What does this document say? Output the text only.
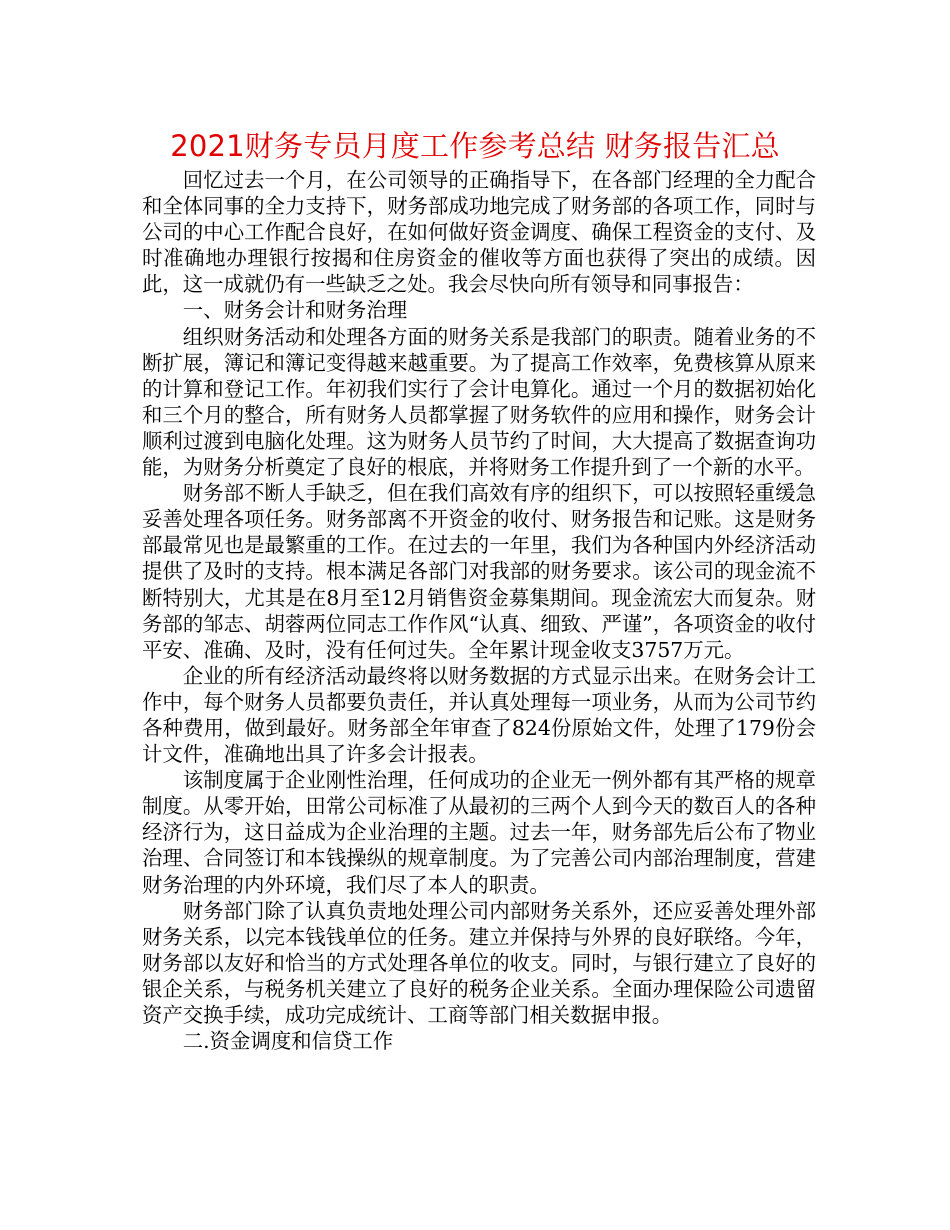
2021财务专员月度工作参考总结 财务报告汇总

回忆过去一个月，在公司领导的正确指导下，在各部门经理的全力配合和全体同事的全力支持下，财务部成功地完成了财务部的各项工作，同时与公司的中心工作配合良好，在如何做好资金调度、确保工程资金的支付、及时准确地办理银行按揭和住房资金的催收等方面也获得了突出的成绩。因此，这一成就仍有一些缺乏之处。我会尽快向所有领导和同事报告：

一、财务会计和财务治理

组织财务活动和处理各方面的财务关系是我部门的职责。随着业务的不断扩展，簿记和簿记变得越来越重要。为了提高工作效率，免费核算从原来的计算和登记工作。年初我们实行了会计电算化。通过一个月的数据初始化和三个月的整合，所有财务人员都掌握了财务软件的应用和操作，财务会计顺利过渡到电脑化处理。这为财务人员节约了时间，大大提高了数据查询功能，为财务分析奠定了良好的根底，并将财务工作提升到了一个新的水平。

财务部不断人手缺乏，但在我们高效有序的组织下，可以按照轻重缓急妥善处理各项任务。财务部离不开资金的收付、财务报告和记账。这是财务部最常见也是最繁重的工作。在过去的一年里，我们为各种国内外经济活动提供了及时的支持。根本满足各部门对我部的财务要求。该公司的现金流不断特别大，尤其是在8月至12月销售资金募集期间。现金流宏大而复杂。财务部的邹志、胡蓉两位同志工作作风“认真、细致、严谨”，各项资金的收付平安、准确、及时，没有任何过失。全年累计现金收支3757万元。

企业的所有经济活动最终将以财务数据的方式显示出来。在财务会计工作中，每个财务人员都要负责任，并认真处理每一项业务，从而为公司节约各种费用，做到最好。财务部全年审查了824份原始文件，处理了179份会计文件，准确地出具了许多会计报表。

该制度属于企业刚性治理，任何成功的企业无一例外都有其严格的规章制度。从零开始，田常公司标准了从最初的三两个人到今天的数百人的各种经济行为，这日益成为企业治理的主题。过去一年，财务部先后公布了物业治理、合同签订和本钱操纵的规章制度。为了完善公司内部治理制度，营建财务治理的内外环境，我们尽了本人的职责。

财务部门除了认真负责地处理公司内部财务关系外，还应妥善处理外部财务关系，以完本钱钱单位的任务。建立并保持与外界的良好联络。今年，财务部以友好和恰当的方式处理各单位的收支。同时，与银行建立了良好的银企关系，与税务机关建立了良好的税务企业关系。全面办理保险公司遗留资产交换手续，成功完成统计、工商等部门相关数据申报。

二.资金调度和信贷工作
